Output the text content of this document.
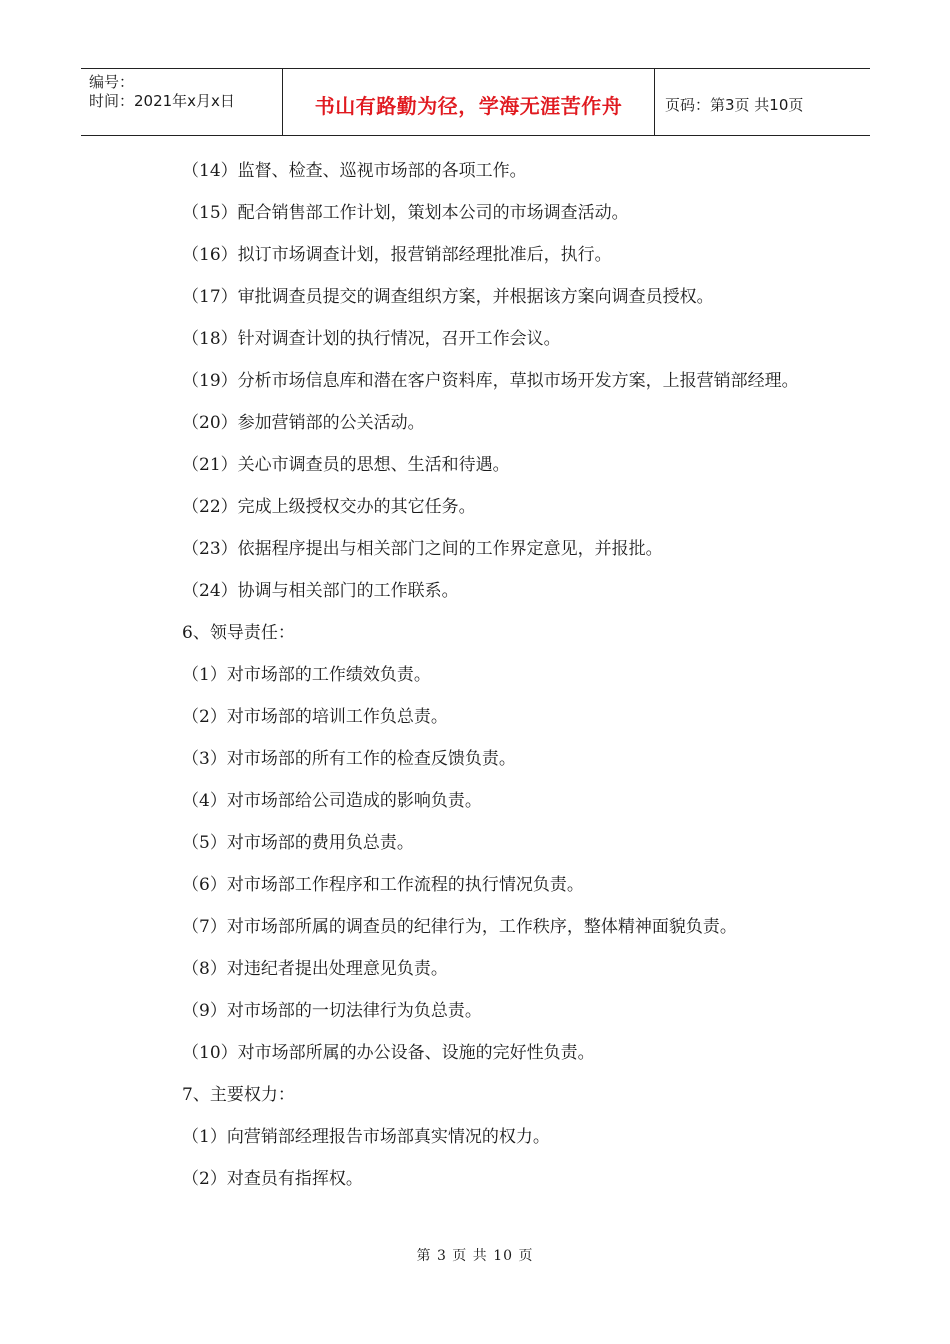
编号：
时间：2021年x月x日	书山有路勤为径，学海无涯苦作舟	页码：第3页 共10页
（14）监督、检查、巡视市场部的各项工作。
（15）配合销售部工作计划，策划本公司的市场调查活动。
（16）拟订市场调查计划，报营销部经理批准后，执行。
（17）审批调查员提交的调查组织方案，并根据该方案向调查员授权。
（18）针对调查计划的执行情况，召开工作会议。
（19）分析市场信息库和潜在客户资料库，草拟市场开发方案，上报营销部经理。
（20）参加营销部的公关活动。
（21）关心市调查员的思想、生活和待遇。
（22）完成上级授权交办的其它任务。
（23）依据程序提出与相关部门之间的工作界定意见，并报批。
（24）协调与相关部门的工作联系。
6、领导责任：
（1）对市场部的工作绩效负责。
（2）对市场部的培训工作负总责。
（3）对市场部的所有工作的检查反馈负责。
（4）对市场部给公司造成的影响负责。
（5）对市场部的费用负总责。
（6）对市场部工作程序和工作流程的执行情况负责。
（7）对市场部所属的调查员的纪律行为，工作秩序，整体精神面貌负责。
（8）对违纪者提出处理意见负责。
（9）对市场部的一切法律行为负总责。
（10）对市场部所属的办公设备、设施的完好性负责。
7、主要权力：
（1）向营销部经理报告市场部真实情况的权力。
（2）对查员有指挥权。
第 3 页 共 10 页
